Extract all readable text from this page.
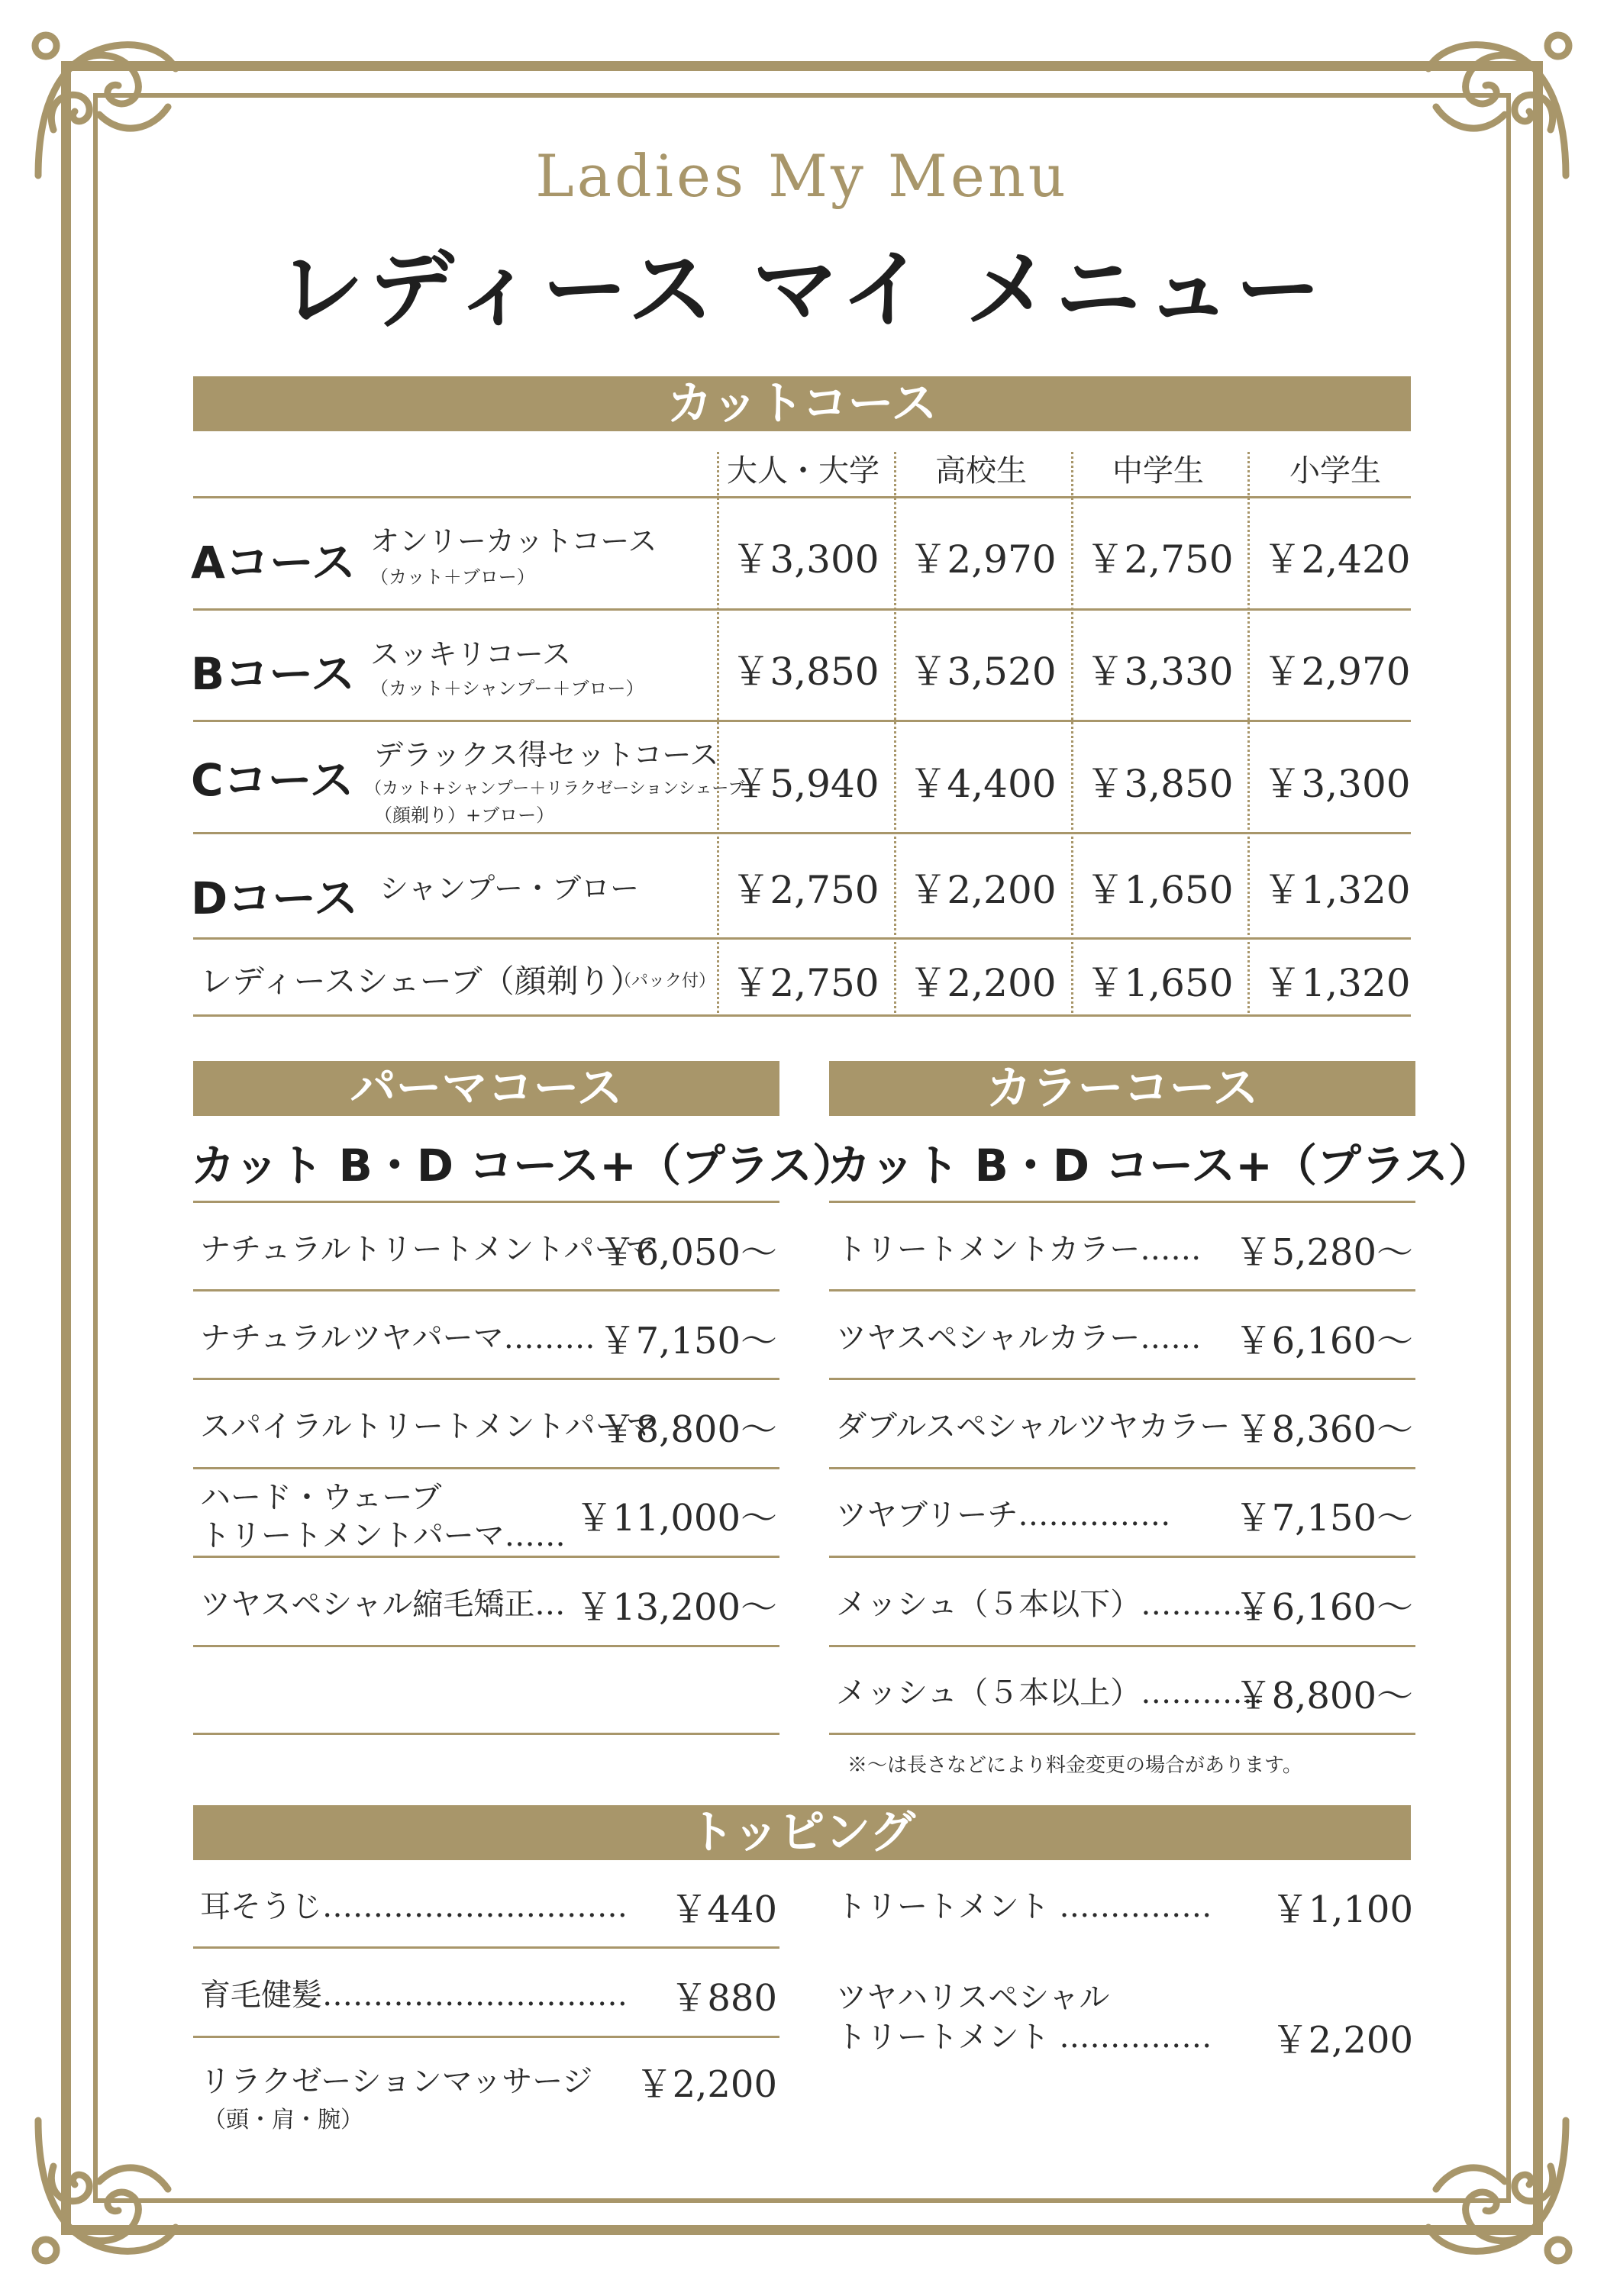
Ladies My Menu
レディース マイ メニュー
カットコース
大人・大学	高校生	中学生	小学生
Aコース オンリーカットコース
（カット＋ブロー）	￥3,300 ￥2,970 ￥2,750 ￥2,420
Bコース スッキリコース
（カット＋シャンプー＋ブロー）	￥3,850 ￥3,520 ￥3,330 ￥2,970
Cコース デラックス得セットコース
（カット+シャンプー＋リラクゼーションシェーブ
（顔剃り）+ブロー）
￥5,940 ￥4,400 ￥3,850 ￥3,300
Dコース シャンプー・ブロー	￥2,750 ￥2,200 ￥1,650 ￥1,320
レディースシェーブ（顔剃り）
（パック付） ￥2,750 ￥2,200 ￥1,650 ￥1,320
パーマコース
カット B・D コース+（プラス）
ナチュラルトリートメントパーマ
￥6,050〜
ナチュラルツヤパーマ……… ￥7,150〜
スパイラルトリートメントパーマ
￥8,800〜
ハード・ウェーブ
トリートメントパーマ…… ￥11,000〜
ツヤスペシャル縮毛矯正… ￥13,200〜
カラーコース
カット B・D コース+（プラス）
トリートメントカラー…… ￥5,280〜
ツヤスペシャルカラー…… ￥6,160〜
ダブルスペシャルツヤカラー ￥8,360〜
ツヤブリーチ…………… ￥7,150〜
メッシュ（５本以下）…………
￥6,160〜
メッシュ（５本以上）…………
￥8,800〜
※〜は長さなどにより料金変更の場合があります。
トッピング
耳そうじ………………………… ￥440
育毛健髪………………………… ￥880
リラクゼーションマッサージ ￥2,200
（頭・肩・腕）
トリートメント …………… ￥1,100
ツヤハリスペシャル
トリートメント …………… ￥2,200
